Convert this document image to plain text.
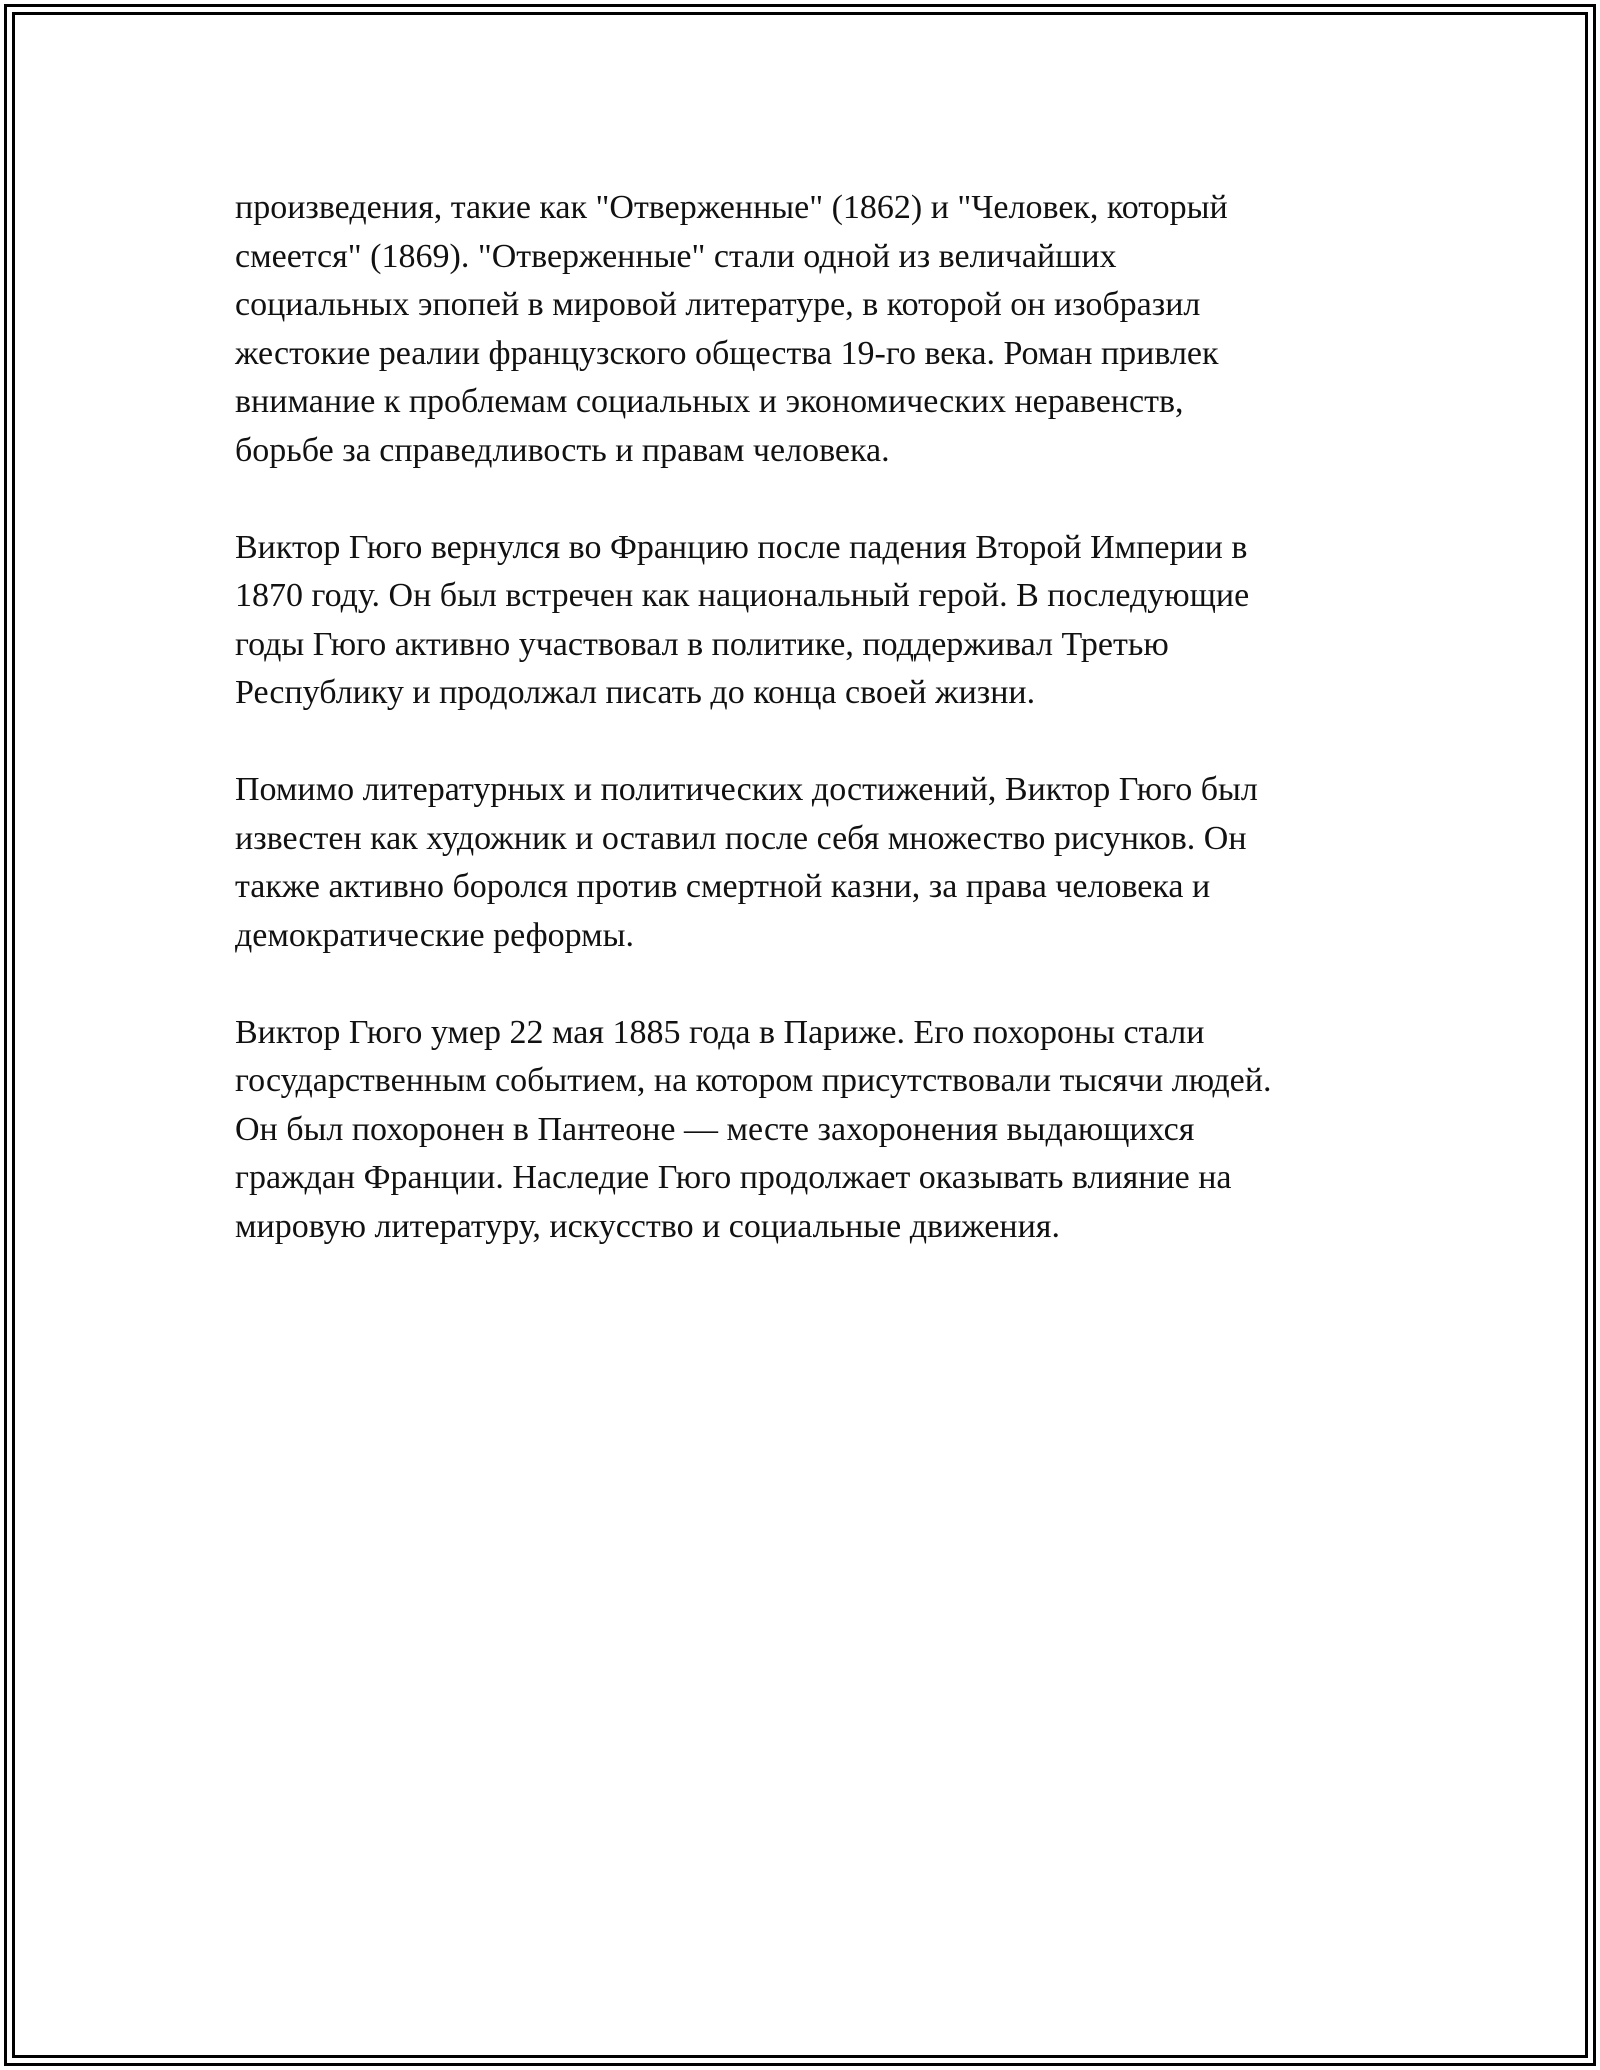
произведения, такие как "Отверженные" (1862) и "Человек, который
смеется" (1869). "Отверженные" стали одной из величайших
социальных эпопей в мировой литературе, в которой он изобразил
жестокие реалии французского общества 19-го века. Роман привлек
внимание к проблемам социальных и экономических неравенств,
борьбе за справедливость и правам человека.

Виктор Гюго вернулся во Францию после падения Второй Империи в
1870 году. Он был встречен как национальный герой. В последующие
годы Гюго активно участвовал в политике, поддерживал Третью
Республику и продолжал писать до конца своей жизни.

Помимо литературных и политических достижений, Виктор Гюго был
известен как художник и оставил после себя множество рисунков. Он
также активно боролся против смертной казни, за права человека и
демократические реформы.

Виктор Гюго умер 22 мая 1885 года в Париже. Его похороны стали
государственным событием, на котором присутствовали тысячи людей.
Он был похоронен в Пантеоне — месте захоронения выдающихся
граждан Франции. Наследие Гюго продолжает оказывать влияние на
мировую литературу, искусство и социальные движения.
